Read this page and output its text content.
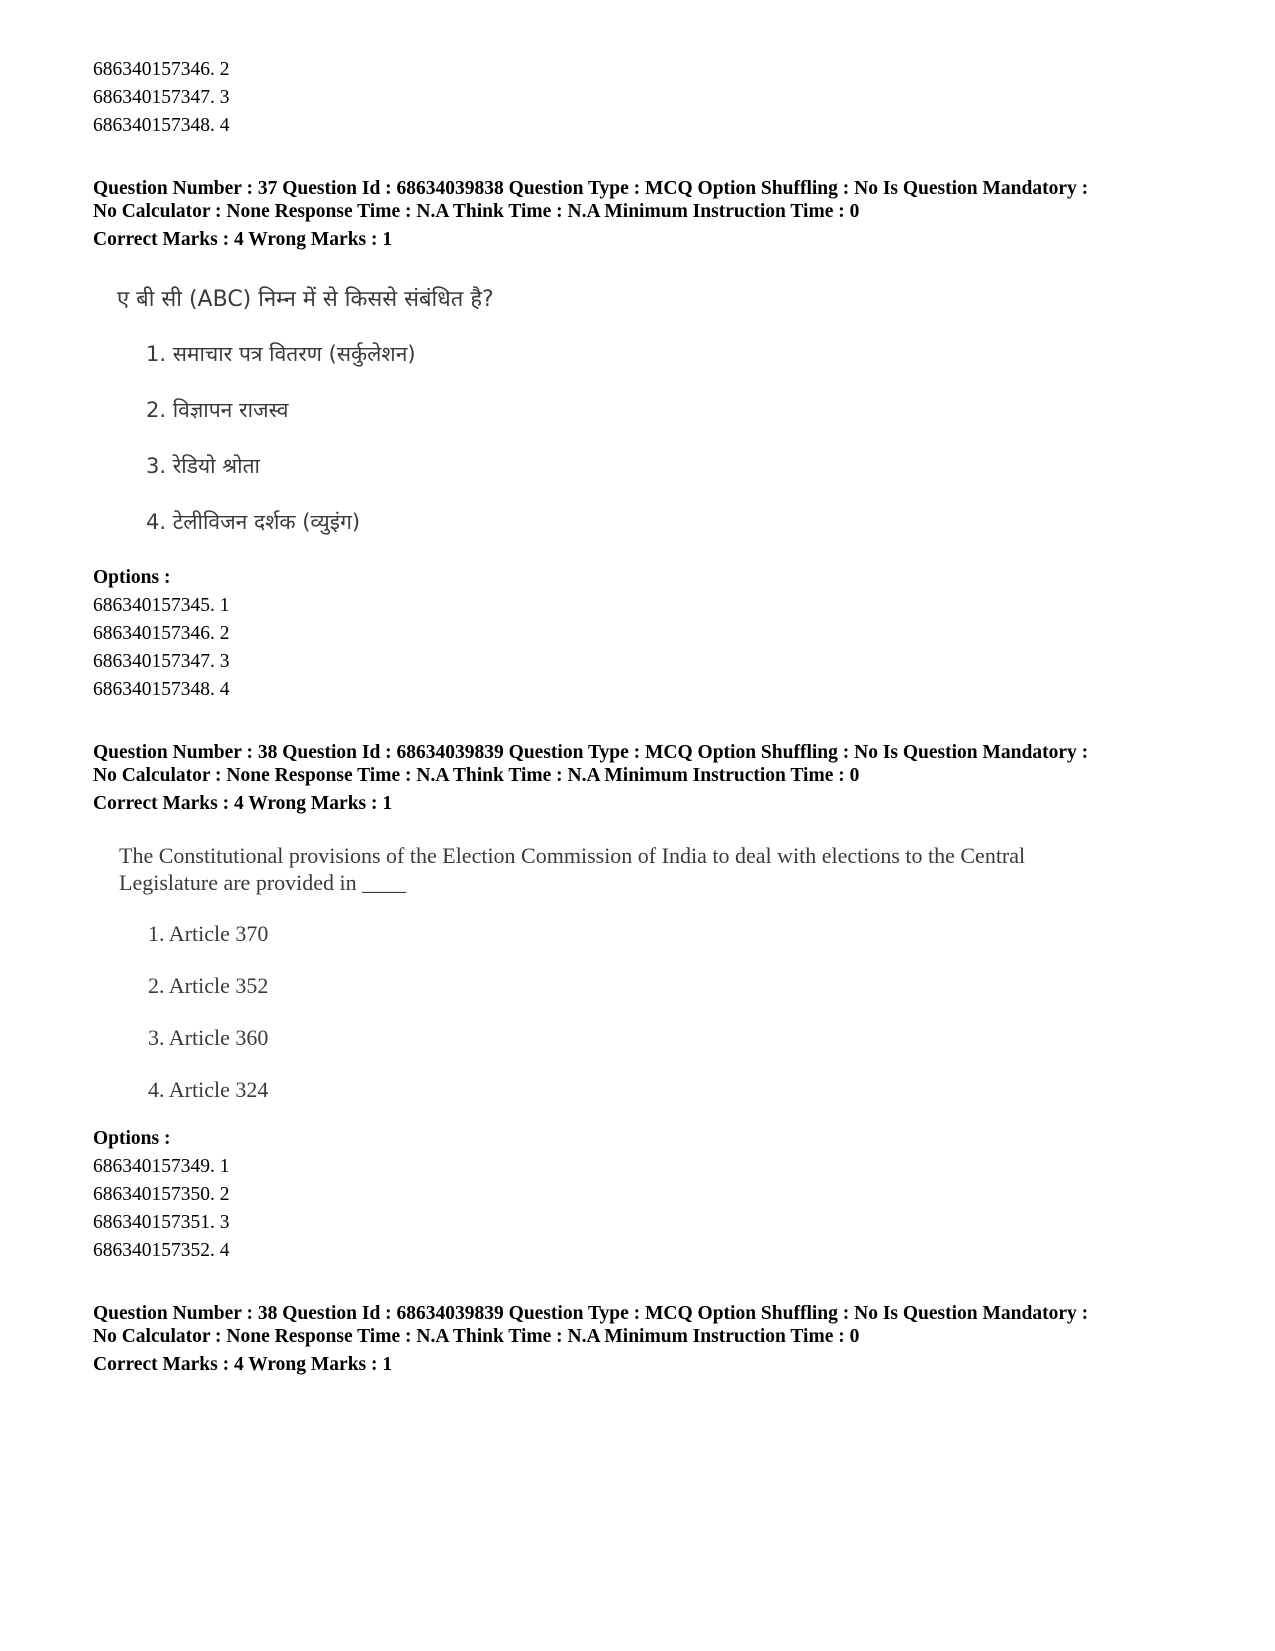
686340157346. 2
686340157347. 3
686340157348. 4
Question Number : 37 Question Id : 68634039838 Question Type : MCQ Option Shuffling : No Is Question Mandatory :
No Calculator : None Response Time : N.A Think Time : N.A Minimum Instruction Time : 0
Correct Marks : 4 Wrong Marks : 1
ए बी सी (ABC) निम्न में से किससे संबंधित है?
1. समाचार पत्र वितरण (सर्कुलेशन)
2. विज्ञापन राजस्व
3. रेडियो श्रोता
4. टेलीविजन दर्शक (व्युइंग)
Options :
686340157345. 1
686340157346. 2
686340157347. 3
686340157348. 4
Question Number : 38 Question Id : 68634039839 Question Type : MCQ Option Shuffling : No Is Question Mandatory :
No Calculator : None Response Time : N.A Think Time : N.A Minimum Instruction Time : 0
Correct Marks : 4 Wrong Marks : 1
The Constitutional provisions of the Election Commission of India to deal with elections to the Central
Legislature are provided in ____
1. Article 370
2. Article 352
3. Article 360
4. Article 324
Options :
686340157349. 1
686340157350. 2
686340157351. 3
686340157352. 4
Question Number : 38 Question Id : 68634039839 Question Type : MCQ Option Shuffling : No Is Question Mandatory :
No Calculator : None Response Time : N.A Think Time : N.A Minimum Instruction Time : 0
Correct Marks : 4 Wrong Marks : 1
